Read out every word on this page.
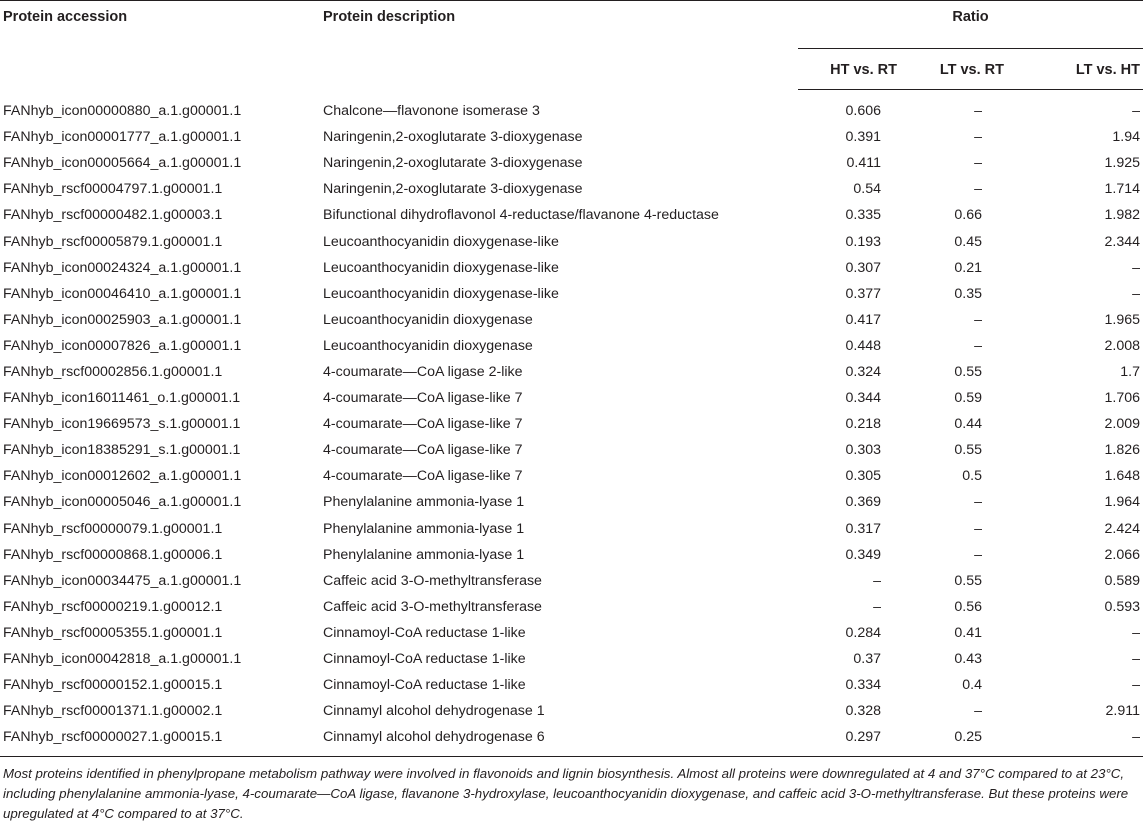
Protein accession	Protein description	Ratio		
		HT vs. RT	LT vs. RT	LT vs. HT
FANhyb_icon00000880_a.1.g00001.1	Chalcone—flavonone isomerase 3	0.606	–	–
FANhyb_icon00001777_a.1.g00001.1	Naringenin,2-oxoglutarate 3-dioxygenase	0.391	–	1.94
FANhyb_icon00005664_a.1.g00001.1	Naringenin,2-oxoglutarate 3-dioxygenase	0.411	–	1.925
FANhyb_rscf00004797.1.g00001.1	Naringenin,2-oxoglutarate 3-dioxygenase	0.54	–	1.714
FANhyb_rscf00000482.1.g00003.1	Bifunctional dihydroflavonol 4-reductase/flavanone 4-reductase	0.335	0.66	1.982
FANhyb_rscf00005879.1.g00001.1	Leucoanthocyanidin dioxygenase-like	0.193	0.45	2.344
FANhyb_icon00024324_a.1.g00001.1	Leucoanthocyanidin dioxygenase-like	0.307	0.21	–
FANhyb_icon00046410_a.1.g00001.1	Leucoanthocyanidin dioxygenase-like	0.377	0.35	–
FANhyb_icon00025903_a.1.g00001.1	Leucoanthocyanidin dioxygenase	0.417	–	1.965
FANhyb_icon00007826_a.1.g00001.1	Leucoanthocyanidin dioxygenase	0.448	–	2.008
FANhyb_rscf00002856.1.g00001.1	4-coumarate—CoA ligase 2-like	0.324	0.55	1.7
FANhyb_icon16011461_o.1.g00001.1	4-coumarate—CoA ligase-like 7	0.344	0.59	1.706
FANhyb_icon19669573_s.1.g00001.1	4-coumarate—CoA ligase-like 7	0.218	0.44	2.009
FANhyb_icon18385291_s.1.g00001.1	4-coumarate—CoA ligase-like 7	0.303	0.55	1.826
FANhyb_icon00012602_a.1.g00001.1	4-coumarate—CoA ligase-like 7	0.305	0.5	1.648
FANhyb_icon00005046_a.1.g00001.1	Phenylalanine ammonia-lyase 1	0.369	–	1.964
FANhyb_rscf00000079.1.g00001.1	Phenylalanine ammonia-lyase 1	0.317	–	2.424
FANhyb_rscf00000868.1.g00006.1	Phenylalanine ammonia-lyase 1	0.349	–	2.066
FANhyb_icon00034475_a.1.g00001.1	Caffeic acid 3-O-methyltransferase	–	0.55	0.589
FANhyb_rscf00000219.1.g00012.1	Caffeic acid 3-O-methyltransferase	–	0.56	0.593
FANhyb_rscf00005355.1.g00001.1	Cinnamoyl-CoA reductase 1-like	0.284	0.41	–
FANhyb_icon00042818_a.1.g00001.1	Cinnamoyl-CoA reductase 1-like	0.37	0.43	–
FANhyb_rscf00000152.1.g00015.1	Cinnamoyl-CoA reductase 1-like	0.334	0.4	–
FANhyb_rscf00001371.1.g00002.1	Cinnamyl alcohol dehydrogenase 1	0.328	–	2.911
FANhyb_rscf00000027.1.g00015.1	Cinnamyl alcohol dehydrogenase 6	0.297	0.25	–
Most proteins identified in phenylpropane metabolism pathway were involved in flavonoids and lignin biosynthesis. Almost all proteins were downregulated at 4 and 37°C compared to at 23°C, including phenylalanine ammonia-lyase, 4-coumarate—CoA ligase, flavanone 3-hydroxylase, leucoanthocyanidin dioxygenase, and caffeic acid 3-O-methyltransferase. But these proteins were upregulated at 4°C compared to at 37°C.
